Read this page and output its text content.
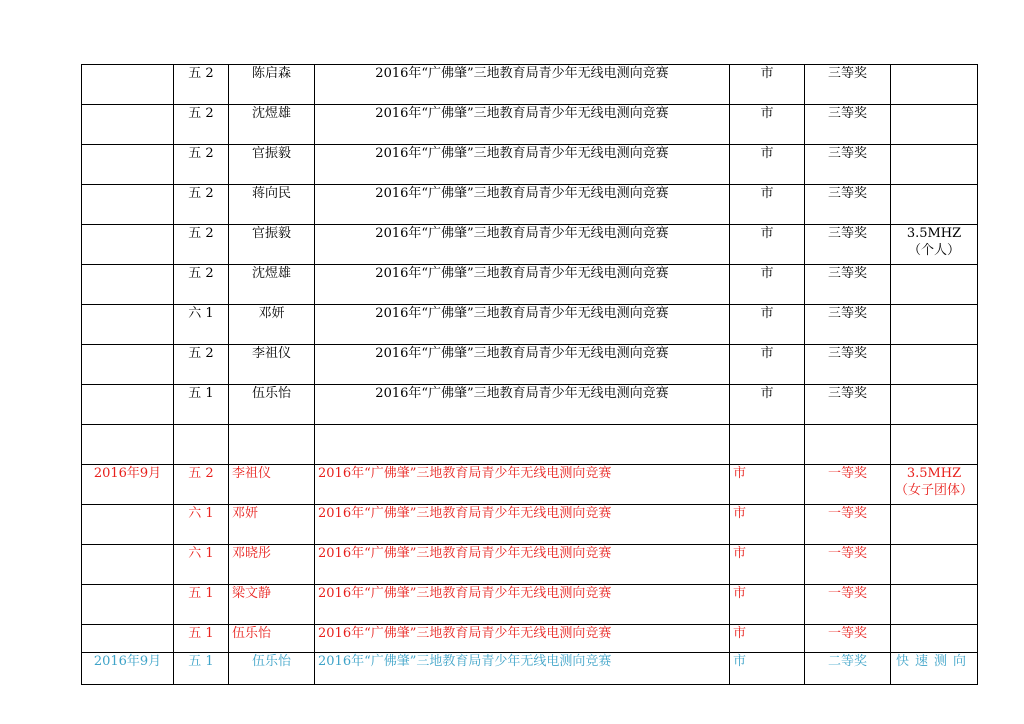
	五 2	陈启森	2016年“广佛肇”三地教育局青少年无线电测向竞赛	市	三等奖	

	五 2	沈煜雄	2016年“广佛肇”三地教育局青少年无线电测向竞赛	市	三等奖	

	五 2	官振毅	2016年“广佛肇”三地教育局青少年无线电测向竞赛	市	三等奖	

	五 2	蒋向民	2016年“广佛肇”三地教育局青少年无线电测向竞赛	市	三等奖	

	五 2	官振毅	2016年“广佛肇”三地教育局青少年无线电测向竞赛	市	三等奖	3.5MHZ
（个人）

	五 2	沈煜雄	2016年“广佛肇”三地教育局青少年无线电测向竞赛	市	三等奖	

	六 1	邓妍	2016年“广佛肇”三地教育局青少年无线电测向竞赛	市	三等奖	

	五 2	李祖仪	2016年“广佛肇”三地教育局青少年无线电测向竞赛	市	三等奖	

	五 1	伍乐怡	2016年“广佛肇”三地教育局青少年无线电测向竞赛	市	三等奖	

2016年9月	五 2	李祖仪	2016年“广佛肇”三地教育局青少年无线电测向竞赛	市	一等奖	3.5MHZ
（女子团体）

	六 1	邓妍	2016年“广佛肇”三地教育局青少年无线电测向竞赛	市	一等奖	

	六 1	邓晓彤	2016年“广佛肇”三地教育局青少年无线电测向竞赛	市	一等奖	

	五 1	梁文静	2016年“广佛肇”三地教育局青少年无线电测向竞赛	市	一等奖	

	五 1	伍乐怡	2016年“广佛肇”三地教育局青少年无线电测向竞赛	市	一等奖	

2016年9月	五 1	伍乐怡	2016年“广佛肇”三地教育局青少年无线电测向竞赛	市	二等奖	快速测向
